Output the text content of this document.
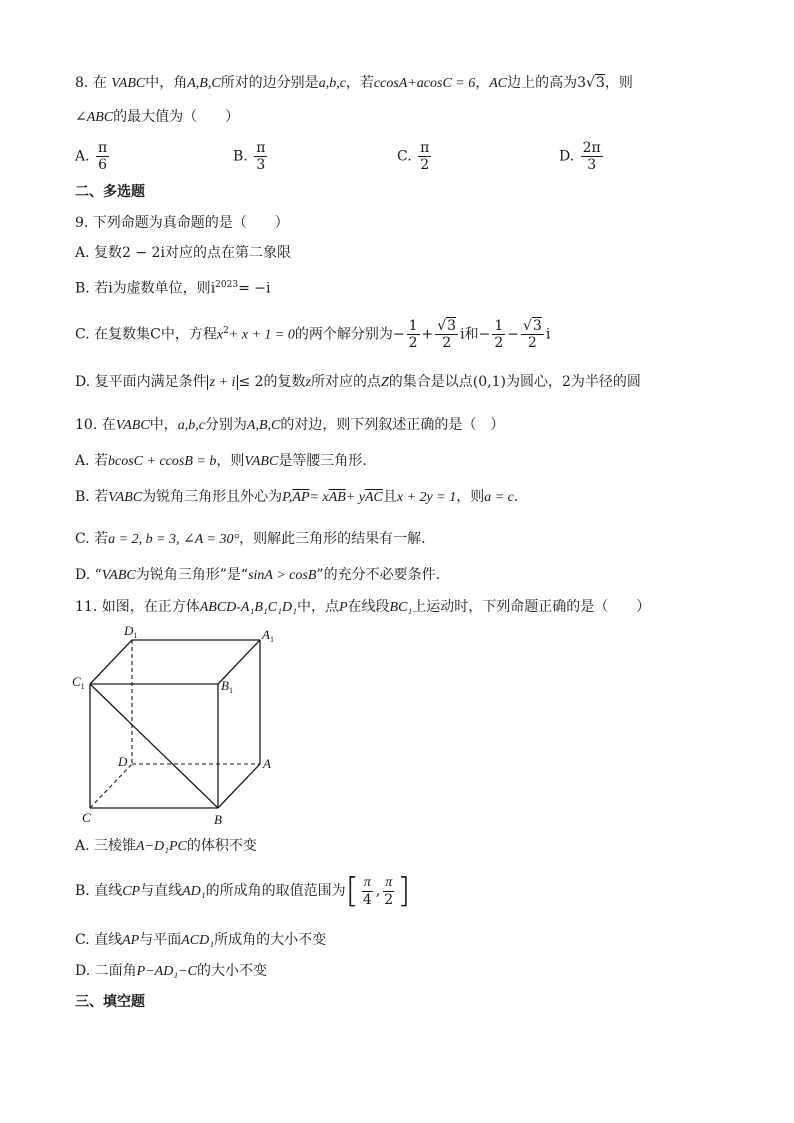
8. 在 VABC中，角A,B,C所对的边分别是a,b,c，若ccosA+acosC = 6，AC边上的高为3√3，则
∠ABC的最大值为（　　）
A. $\frac{\pi}{6}$	B. $\frac{\pi}{3}$	C. $\frac{\pi}{2}$	D. $\frac{2\pi}{3}$
二、多选题
9. 下列命题为真命题的是（　　）
A. 复数2 − 2i对应的点在第二象限
B. 若i为虚数单位，则$i^{2023}= -i$
C. 在复数集C中，方程$x^2+ x + 1 = 0$的两个解分别为− $\frac{1}{2} + \frac{√3}{2}$ i和− $\frac{1}{2} - \frac{√3}{2}$ i
D. 复平面内满足条件 z + i ≤ 2的复数z所对应的点Z的集合是以点(0,1)为圆心，2为半径的圆
10. 在VABC中，a,b,c分别为A,B,C的对边，则下列叙述正确的是（　）
A. 若bcosC + ccosB = b，则VABC是等腰三角形.
B. 若VABC为锐角三角形且外心为$P,\overline{AP}= x\overline{AB}+ y\overline{AC}$且x + 2y = 1，则a = c.
C. 若a = 2, b = 3, ∠A = 30°，则解此三角形的结果有一解.
D. “VABC为锐角三角形”是“sinA > cosB”的充分不必要条件.
11. 如图，在正方体ABCD-A₁B₁C₁D₁中，点P在线段BC₁上运动时，下列命题正确的是（　　）
$D_1$	$A_1$
$C_1$	$B_1$
D	A
C	B
A. 三棱锥A−D₁PC的体积不变
B. 直线CP与直线AD₁的所成角的取值范围为 [ $\frac{\pi}{4}$ , $\frac{\pi}{2}$ ]
C. 直线AP与平面ACD₁所成角的大小不变
D. 二面角P−AD₁−C的大小不变
三、填空题
